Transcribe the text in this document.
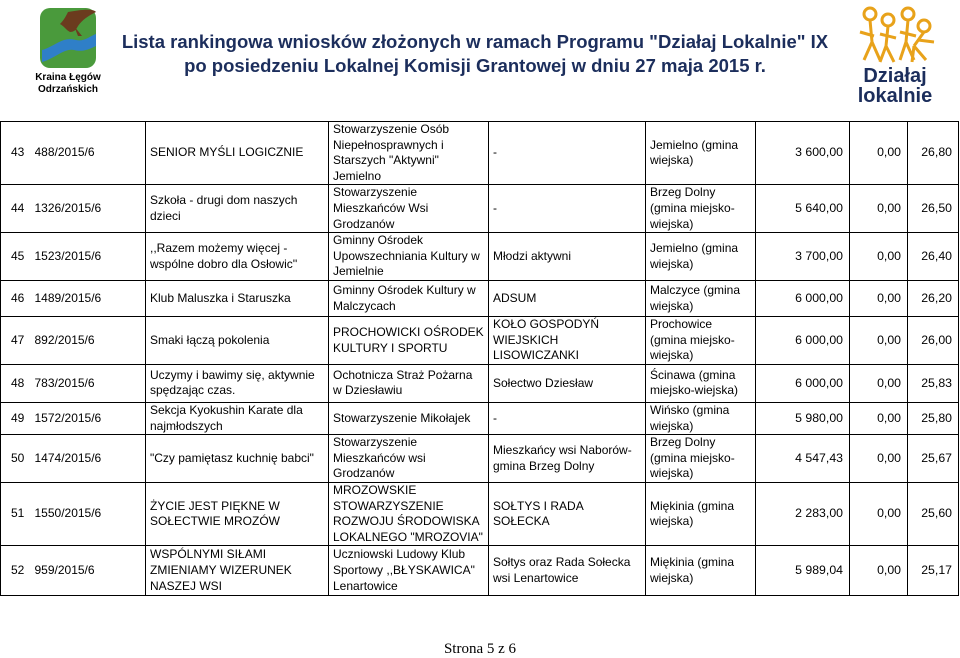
Kraina Łęgów
Odrzańskich
Lista rankingowa wniosków złożonych w ramach Programu "Działaj Lokalnie" IX
po posiedzeniu Lokalnej Komisji Grantowej w dniu 27 maja 2015 r.	Działaj
lokalnie
43	488/2015/6	SENIOR MYŚLI LOGICZNIE	Stowarzyszenie Osób Niepełnosprawnych i Starszych "Aktywni" Jemielno	-	Jemielno (gmina wiejska)	3 600,00	0,00	26,80
44	1326/2015/6	Szkoła - drugi dom naszych dzieci	Stowarzyszenie Mieszkańców Wsi Grodzanów	-	Brzeg Dolny (gmina miejsko-wiejska)	5 640,00	0,00	26,50
45	1523/2015/6	,,Razem możemy więcej - wspólne dobro dla Osłowic''	Gminny Ośrodek Upowszechniania Kultury w Jemielnie	Młodzi aktywni	Jemielno (gmina wiejska)	3 700,00	0,00	26,40
46	1489/2015/6	Klub Maluszka i Staruszka	Gminny Ośrodek Kultury w Malczycach	ADSUM	Malczyce (gmina wiejska)	6 000,00	0,00	26,20
47	892/2015/6	Smaki łączą pokolenia	PROCHOWICKI OŚRODEK KULTURY I SPORTU	KOŁO GOSPODYŃ WIEJSKICH LISOWICZANKI	Prochowice (gmina miejsko-wiejska)	6 000,00	0,00	26,00
48	783/2015/6	Uczymy i bawimy się, aktywnie spędzając czas.	Ochotnicza Straż Pożarna w Dziesławiu	Sołectwo Dziesław	Ścinawa (gmina miejsko-wiejska)	6 000,00	0,00	25,83
49	1572/2015/6	Sekcja Kyokushin Karate dla najmłodszych	Stowarzyszenie Mikołajek	-	Wińsko (gmina wiejska)	5 980,00	0,00	25,80
50	1474/2015/6	"Czy pamiętasz kuchnię babci"	Stowarzyszenie Mieszkańców wsi Grodzanów	Mieszkańcy wsi Naborów-gmina Brzeg Dolny	Brzeg Dolny (gmina miejsko-wiejska)	4 547,43	0,00	25,67
51	1550/2015/6	ŻYCIE JEST PIĘKNE W SOŁECTWIE MROZÓW	MROZOWSKIE STOWARZYSZENIE ROZWOJU ŚRODOWISKA LOKALNEGO "MROZOVIA"	SOŁTYS I RADA SOŁECKA	Miękinia (gmina wiejska)	2 283,00	0,00	25,60
52	959/2015/6	WSPÓLNYMI SIŁAMI ZMIENIAMY WIZERUNEK NASZEJ WSI	Uczniowski Ludowy Klub Sportowy ,,BŁYSKAWICA" Lenartowice	Sołtys oraz Rada Sołecka wsi Lenartowice	Miękinia (gmina wiejska)	5 989,04	0,00	25,17
Strona 5 z 6
